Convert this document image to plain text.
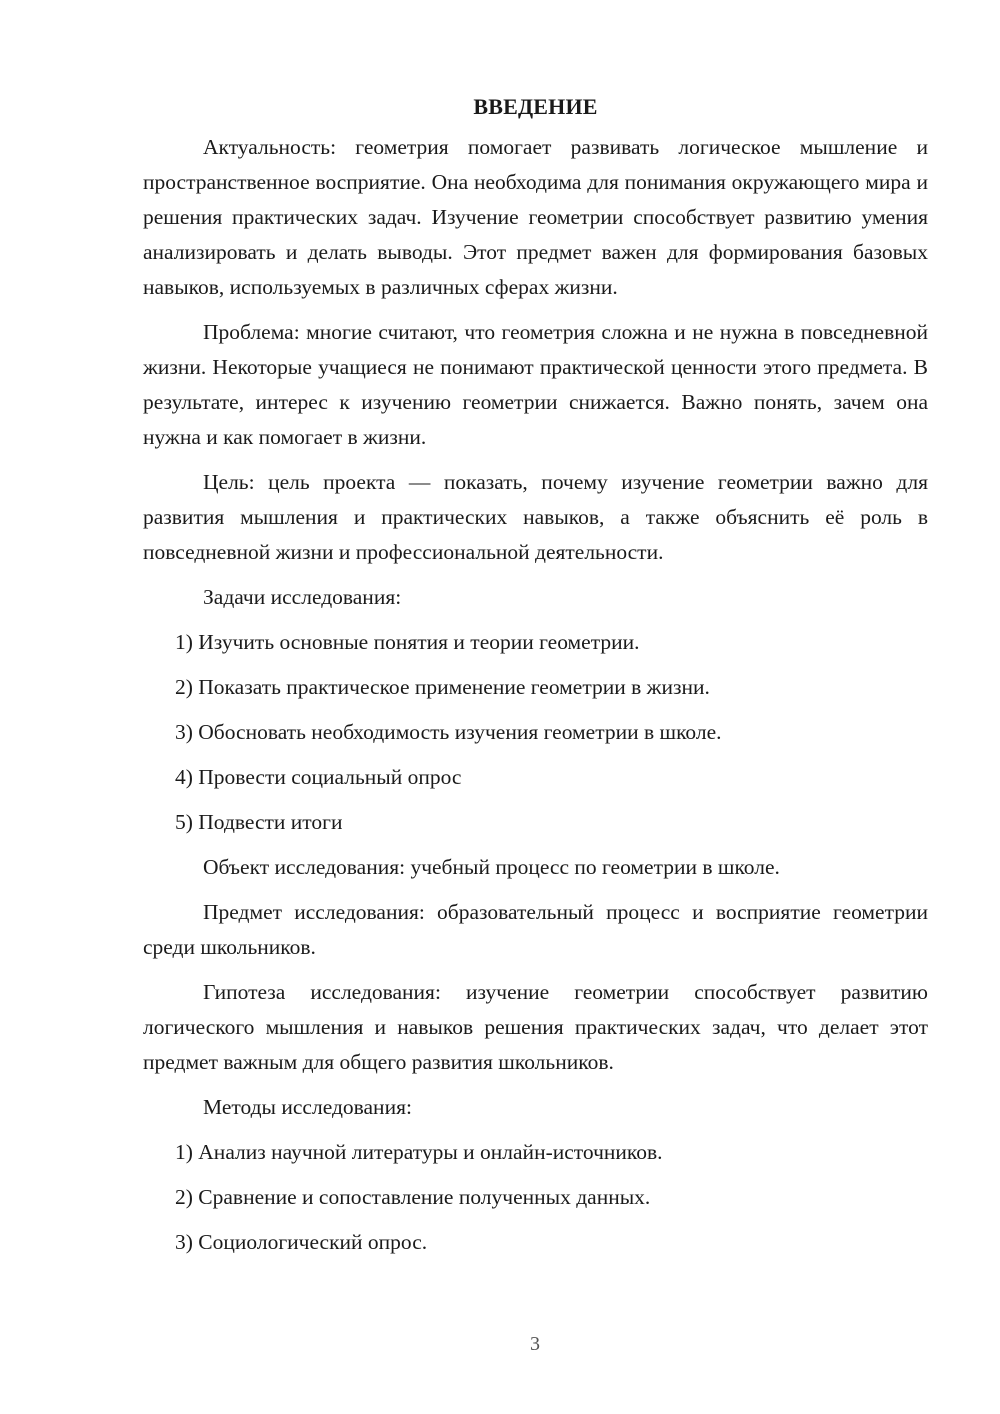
ВВЕДЕНИЕ

Актуальность: геометрия помогает развивать логическое мышление и пространственное восприятие. Она необходима для понимания окружающего мира и решения практических задач. Изучение геометрии способствует развитию умения анализировать и делать выводы. Этот предмет важен для формирования базовых навыков, используемых в различных сферах жизни.

Проблема: многие считают, что геометрия сложна и не нужна в повседневной жизни. Некоторые учащиеся не понимают практической ценности этого предмета. В результате, интерес к изучению геометрии снижается. Важно понять, зачем она нужна и как помогает в жизни.

Цель: цель проекта — показать, почему изучение геометрии важно для развития мышления и практических навыков, а также объяснить её роль в повседневной жизни и профессиональной деятельности.

Задачи исследования:
1) Изучить основные понятия и теории геометрии.
2) Показать практическое применение геометрии в жизни.
3) Обосновать необходимость изучения геометрии в школе.
4) Провести социальный опрос
5) Подвести итоги

Объект исследования: учебный процесс по геометрии в школе.

Предмет исследования: образовательный процесс и восприятие геометрии среди школьников.

Гипотеза исследования: изучение геометрии способствует развитию логического мышления и навыков решения практических задач, что делает этот предмет важным для общего развития школьников.

Методы исследования:
1) Анализ научной литературы и онлайн-источников.
2) Сравнение и сопоставление полученных данных.
3) Социологический опрос.
3
